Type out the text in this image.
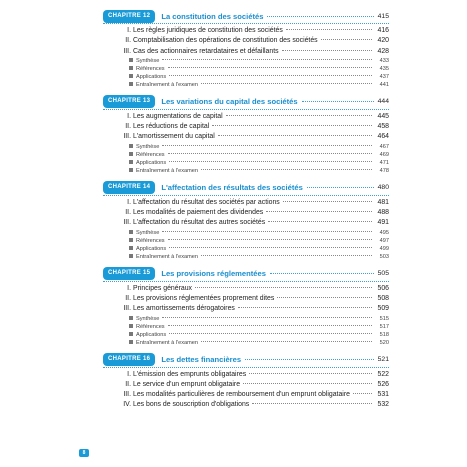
CHAPITRE 12	La constitution des sociétés	415
I. Les règles juridiques de constitution des sociétés	416
II. Comptabilisation des opérations de constitution des sociétés	420
III. Cas des actionnaires retardataires et défaillants	428
Synthèse	433
Références	435
Applications	437
Entraînement à l'examen	441
CHAPITRE 13	Les variations du capital des sociétés	444
I. Les augmentations de capital	445
II. Les réductions de capital	458
III. L'amortissement du capital	464
Synthèse	467
Références	469
Applications	471
Entraînement à l'examen	478
CHAPITRE 14	L'affectation des résultats des sociétés	480
I. L'affectation du résultat des sociétés par actions	481
II. Les modalités de paiement des dividendes	488
III. L'affectation du résultat des autres sociétés	491
Synthèse	495
Références	497
Applications	499
Entraînement à l'examen	503
CHAPITRE 15	Les provisions réglementées	505
I. Principes généraux	506
II. Les provisions réglementées proprement dites	508
III. Les amortissements dérogatoires	509
Synthèse	515
Références	517
Applications	518
Entraînement à l'examen	520
CHAPITRE 16	Les dettes financières	521
I. L'émission des emprunts obligataires	522
II. Le service d'un emprunt obligataire	526
III. Les modalités particulières de remboursement d'un emprunt obligataire	531
IV. Les bons de souscription d'obligations	532
8
